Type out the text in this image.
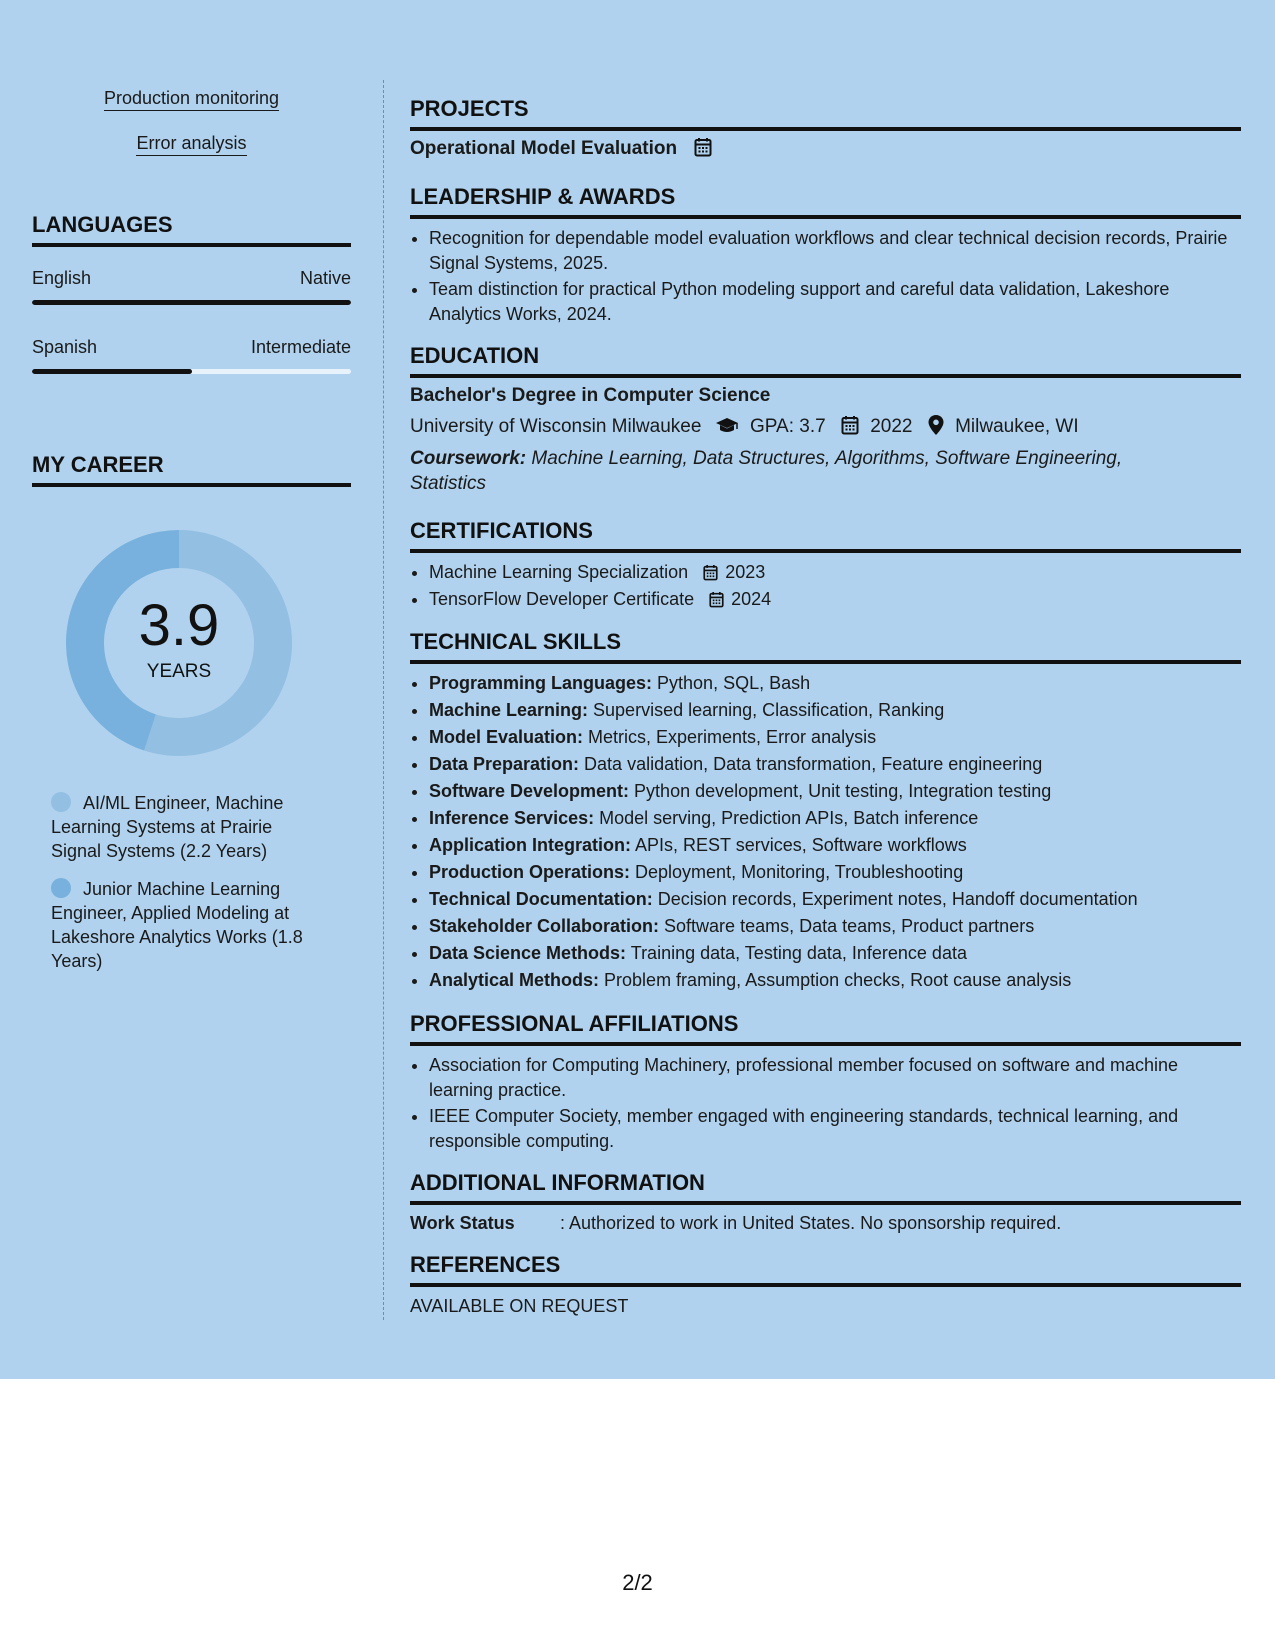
Production monitoring
Error analysis
LANGUAGES
English	Native
Spanish	Intermediate
MY CAREER
3.9
YEARS
AI/ML Engineer, Machine Learning Systems at Prairie Signal Systems (2.2 Years)
Junior Machine Learning Engineer, Applied Modeling at Lakeshore Analytics Works (1.8 Years)
PROJECTS
Operational Model Evaluation
LEADERSHIP & AWARDS
• Recognition for dependable model evaluation workflows and clear technical decision records, Prairie Signal Systems, 2025.
• Team distinction for practical Python modeling support and careful data validation, Lakeshore Analytics Works, 2024.
EDUCATION
Bachelor's Degree in Computer Science
University of Wisconsin Milwaukee	GPA: 3.7 2022 Milwaukee, WI
Coursework: Machine Learning, Data Structures, Algorithms, Software Engineering, Statistics
CERTIFICATIONS
• Machine Learning Specialization 2023
• TensorFlow Developer Certificate 2024
TECHNICAL SKILLS
• Programming Languages: Python, SQL, Bash
• Machine Learning: Supervised learning, Classification, Ranking
• Model Evaluation: Metrics, Experiments, Error analysis
• Data Preparation: Data validation, Data transformation, Feature engineering
• Software Development: Python development, Unit testing, Integration testing
• Inference Services: Model serving, Prediction APIs, Batch inference
• Application Integration: APIs, REST services, Software workflows
• Production Operations: Deployment, Monitoring, Troubleshooting
• Technical Documentation: Decision records, Experiment notes, Handoff documentation
• Stakeholder Collaboration: Software teams, Data teams, Product partners
• Data Science Methods: Training data, Testing data, Inference data
• Analytical Methods: Problem framing, Assumption checks, Root cause analysis
PROFESSIONAL AFFILIATIONS
• Association for Computing Machinery, professional member focused on software and machine learning practice.
• IEEE Computer Society, member engaged with engineering standards, technical learning, and responsible computing.
ADDITIONAL INFORMATION
Work Status	: Authorized to work in United States. No sponsorship required.
REFERENCES
AVAILABLE ON REQUEST
2/2
